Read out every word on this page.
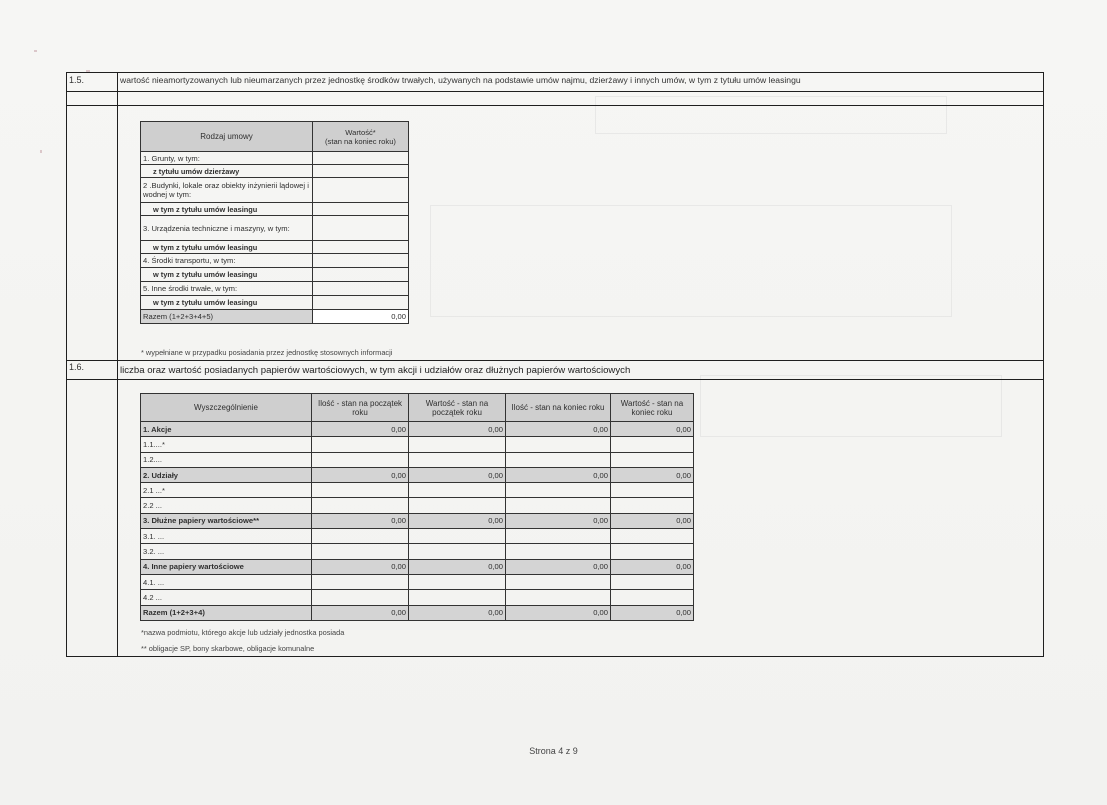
1.5.	wartość nieamortyzowanych lub nieumarzanych przez jednostkę środków trwałych, używanych na podstawie umów najmu, dzierżawy i innych umów, w tym z tytułu umów leasingu
Rodzaj umowy	Wartość*
(stan na koniec roku)
1. Grunty, w tym:	
z tytułu umów dzierżawy	
2 .Budynki, lokale oraz obiekty inżynierii lądowej i wodnej w tym:	
w tym z tytułu umów leasingu	
3. Urządzenia techniczne i maszyny, w tym:	
w tym z tytułu umów leasingu	
4. Środki transportu, w tym:	
w tym z tytułu umów leasingu	
5. Inne środki trwałe, w tym:	
w tym z tytułu umów leasingu	
Razem (1+2+3+4+5)	0,00
* wypełniane w przypadku posiadania przez jednostkę stosownych informacji
1.6.	liczba oraz wartość posiadanych papierów wartościowych, w tym akcji i udziałów oraz dłużnych papierów wartościowych
Wyszczególnienie	Ilość - stan na początek roku	Wartość - stan na początek roku	Ilość - stan na koniec roku	Wartość - stan na koniec roku
1. Akcje	0,00	0,00	0,00	0,00
1.1....*				
1.2....				
2. Udziały	0,00	0,00	0,00	0,00
2.1 ...*				
2.2 ...				
3. Dłużne papiery wartościowe**	0,00	0,00	0,00	0,00
3.1. ...				
3.2. ...				
4. Inne papiery wartościowe	0,00	0,00	0,00	0,00
4.1. ...				
4.2 ...				
Razem (1+2+3+4)	0,00	0,00	0,00	0,00
*nazwa podmiotu, którego akcje lub udziały jednostka posiada
** obligacje SP, bony skarbowe, obligacje komunalne
Strona 4 z 9
